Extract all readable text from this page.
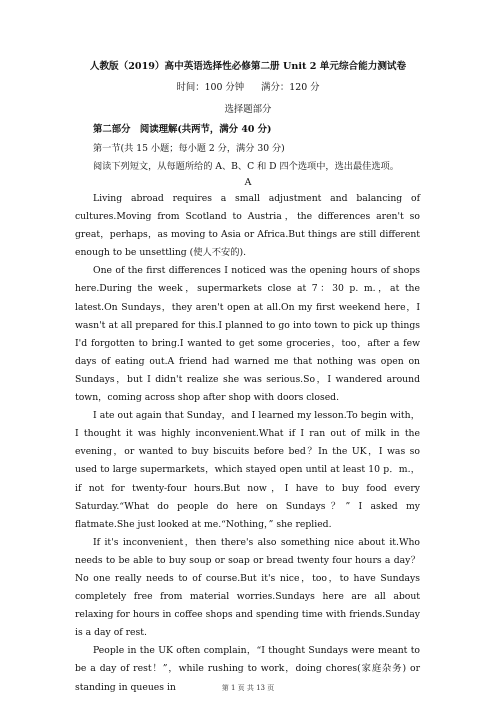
人教版（2019）高中英语选择性必修第二册 Unit 2 单元综合能力测试卷
时间：100 分钟 满分：120 分
选择题部分
第二部分　阅读理解(共两节，满分 40 分)
第一节(共 15 小题；每小题 2 分，满分 30 分)
阅读下列短文，从每题所给的 A、B、C 和 D 四个选项中，选出最佳选项。
A

Living abroad requires a small adjustment and balancing of cultures.Moving from Scotland to Austria，the differences aren't so great，perhaps，as moving to Asia or Africa.But things are still different enough to be unsettling (使人不安的).

One of the first differences I noticed was the opening hours of shops here.During the week，supermarkets close at 7：30 p. m.，at the latest.On Sundays，they aren't open at all.On my first weekend here，I wasn't at all prepared for this.I planned to go into town to pick up things I'd forgotten to bring.I wanted to get some groceries，too，after a few days of eating out.A friend had warned me that nothing was open on Sundays，but I didn't realize she was serious.So，I wandered around town，coming across shop after shop with doors closed.

I ate out again that Sunday，and I learned my lesson.To begin with，I thought it was highly inconvenient.What if I ran out of milk in the evening，or wanted to buy biscuits before bed？In the UK，I was so used to large supermarkets，which stayed open until at least 10 p．m.，if not for twenty-four hours.But now，I have to buy food every Saturday.“What do people do here on Sundays？” I asked my flatmate.She just looked at me.“Nothing，” she replied.

If it's inconvenient，then there's also something nice about it.Who needs to be able to buy soup or soap or bread twenty four hours a day？No one really needs to of course.But it's nice，too，to have Sundays completely free from material worries.Sundays here are all about relaxing for hours in coffee shops and spending time with friends.Sunday is a day of rest.

People in the UK often complain，“I thought Sundays were meant to be a day of rest！”，while rushing to work，doing chores(家庭杂务) or standing in queues in	第 1 页 共 13 页
